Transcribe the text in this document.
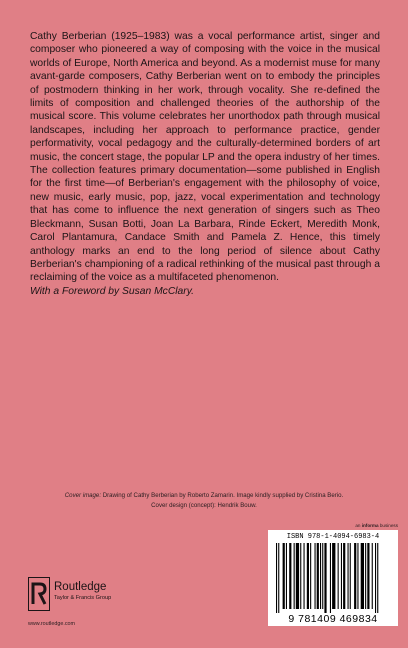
Cathy Berberian (1925–1983) was a vocal performance artist, singer and composer who pioneered a way of composing with the voice in the musical worlds of Europe, North America and beyond. As a modernist muse for many avant-garde composers, Cathy Berberian went on to embody the principles of postmodern thinking in her work, through vocality. She re-defined the limits of composition and challenged theories of the authorship of the musical score. This volume celebrates her unorthodox path through musical landscapes, including her approach to performance practice, gender performativity, vocal pedagogy and the culturally-determined borders of art music, the concert stage, the popular LP and the opera industry of her times. The collection features primary documentation—some published in English for the first time—of Berberian's engagement with the philosophy of voice, new music, early music, pop, jazz, vocal experimentation and technology that has come to influence the next generation of singers such as Theo Bleckmann, Susan Botti, Joan La Barbara, Rinde Eckert, Meredith Monk, Carol Plantamura, Candace Smith and Pamela Z. Hence, this timely anthology marks an end to the long period of silence about Cathy Berberian's championing of a radical rethinking of the musical past through a reclaiming of the voice as a multifaceted phenomenon.

With a Foreword by Susan McClary.

Cover image: Drawing of Cathy Berberian by Roberto Zamarin. Image kindly supplied by Cristina Berio.
Cover design (concept): Hendrik Bouw.
an informa business
ISBN 978-1-4094-6983-4
9 781409 469834
Routledge
Taylor & Francis Group
www.routledge.com
